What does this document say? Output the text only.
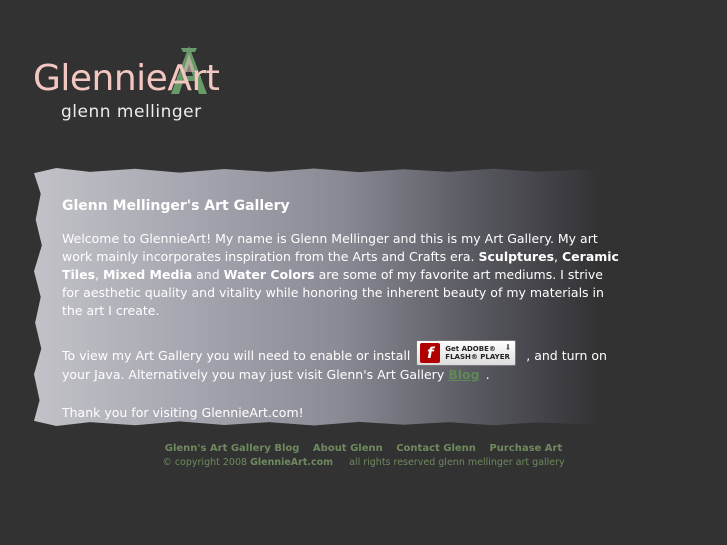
GlennieArt
glenn mellinger
Glenn Mellinger's Art Gallery

Welcome to GlennieArt! My name is Glenn Mellinger and this is my Art Gallery. My art work mainly incorporates inspiration from the Arts and Crafts era. Sculptures, Ceramic Tiles, Mixed Media and Water Colors are some of my favorite art mediums. I strive for aesthetic quality and vitality while honoring the inherent beauty of my materials in the art I create.

To view my Art Gallery you will need to enable or install	f	Get ADOBE®
FLASH® PLAYER
⬇
, and turn on your Java. Alternatively you may just visit Glenn's Art Gallery Blog .

Thank you for visiting GlennieArt.com!

Glenn's Art Gallery Blog About Glenn Contact Glenn Purchase Art
© copyright 2008 GlennieArt.com all rights reserved glenn mellinger art gallery
